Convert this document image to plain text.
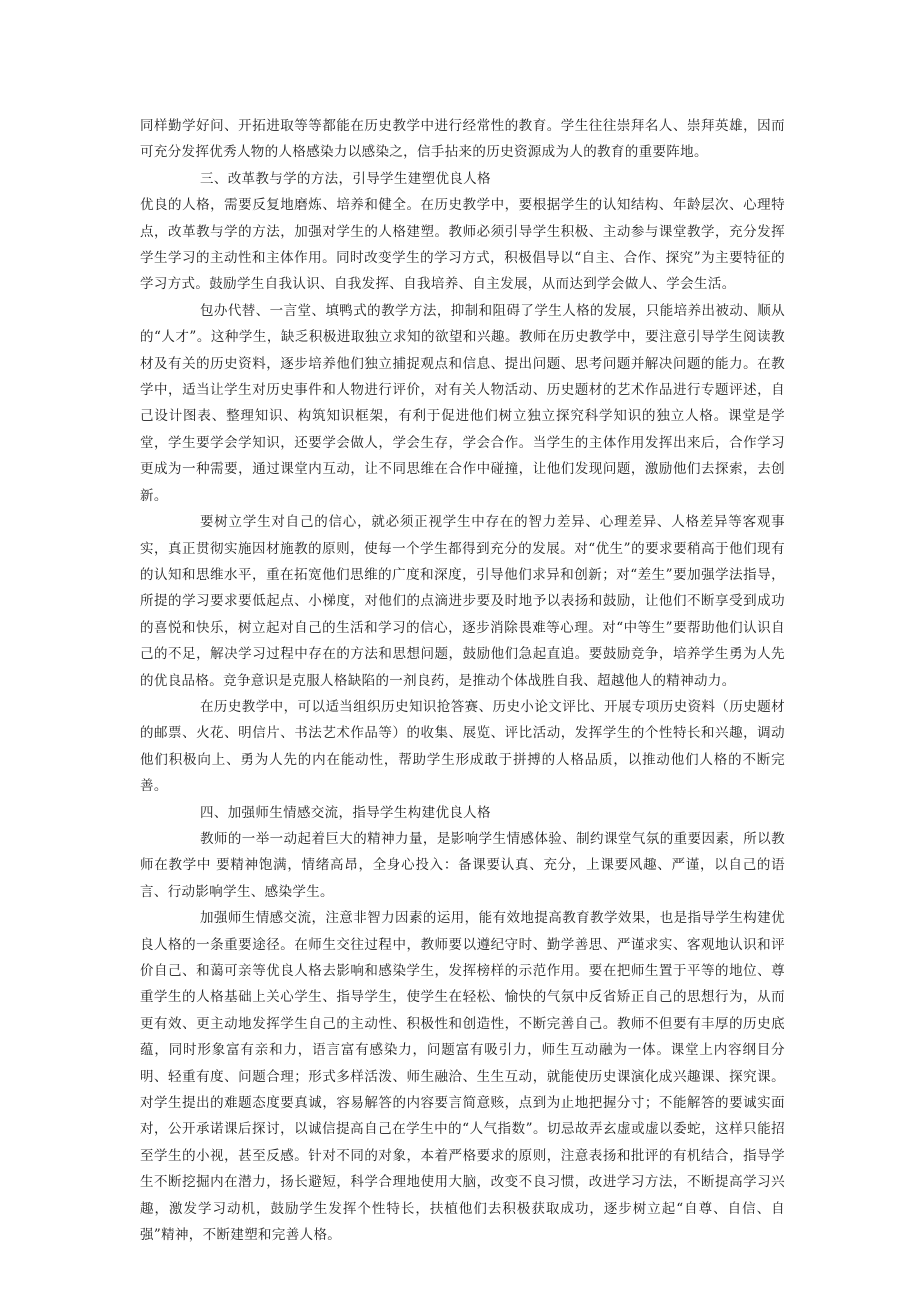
同样勤学好问、开拓进取等等都能在历史教学中进行经常性的教育。学生往往崇拜名人、崇拜英雄，因而可充分发挥优秀人物的人格感染力以感染之，信手拈来的历史资源成为人的教育的重要阵地。

三、改革教与学的方法，引导学生建塑优良人格

优良的人格，需要反复地磨炼、培养和健全。在历史教学中，要根据学生的认知结构、年龄层次、心理特点，改革教与学的方法，加强对学生的人格建塑。教师必须引导学生积极、主动参与课堂教学，充分发挥学生学习的主动性和主体作用。同时改变学生的学习方式，积极倡导以“自主、合作、探究”为主要特征的学习方式。鼓励学生自我认识、自我发挥、自我培养、自主发展，从而达到学会做人、学会生活。

包办代替、一言堂、填鸭式的教学方法，抑制和阻碍了学生人格的发展，只能培养出被动、顺从的“人才”。这种学生，缺乏积极进取独立求知的欲望和兴趣。教师在历史教学中，要注意引导学生阅读教材及有关的历史资料，逐步培养他们独立捕捉观点和信息、提出问题、思考问题并解决问题的能力。在教学中，适当让学生对历史事件和人物进行评价，对有关人物活动、历史题材的艺术作品进行专题评述，自己设计图表、整理知识、构筑知识框架，有利于促进他们树立独立探究科学知识的独立人格。课堂是学堂，学生要学会学知识，还要学会做人，学会生存，学会合作。当学生的主体作用发挥出来后，合作学习更成为一种需要，通过课堂内互动，让不同思维在合作中碰撞，让他们发现问题，激励他们去探索，去创新。

要树立学生对自己的信心，就必须正视学生中存在的智力差异、心理差异、人格差异等客观事实，真正贯彻实施因材施教的原则，使每一个学生都得到充分的发展。对“优生”的要求要稍高于他们现有的认知和思维水平，重在拓宽他们思维的广度和深度，引导他们求异和创新；对“差生”要加强学法指导，所提的学习要求要低起点、小梯度，对他们的点滴进步要及时地予以表扬和鼓励，让他们不断享受到成功的喜悦和快乐，树立起对自己的生活和学习的信心，逐步消除畏难等心理。对“中等生”要帮助他们认识自己的不足，解决学习过程中存在的方法和思想问题，鼓励他们急起直追。要鼓励竞争，培养学生勇为人先的优良品格。竞争意识是克服人格缺陷的一剂良药，是推动个体战胜自我、超越他人的精神动力。

在历史教学中，可以适当组织历史知识抢答赛、历史小论文评比、开展专项历史资料（历史题材的邮票、火花、明信片、书法艺术作品等）的收集、展览、评比活动，发挥学生的个性特长和兴趣，调动他们积极向上、勇为人先的内在能动性，帮助学生形成敢于拼搏的人格品质，以推动他们人格的不断完善。

四、加强师生情感交流，指导学生构建优良人格

教师的一举一动起着巨大的精神力量，是影响学生情感体验、制约课堂气氛的重要因素，所以教师在教学中 要精神饱满，情绪高昂，全身心投入：备课要认真、充分，上课要风趣、严谨，以自己的语言、行动影响学生、感染学生。

加强师生情感交流，注意非智力因素的运用，能有效地提高教育教学效果，也是指导学生构建优良人格的一条重要途径。在师生交往过程中，教师要以遵纪守时、勤学善思、严谨求实、客观地认识和评价自己、和蔼可亲等优良人格去影响和感染学生，发挥榜样的示范作用。要在把师生置于平等的地位、尊重学生的人格基础上关心学生、指导学生，使学生在轻松、愉快的气氛中反省矫正自己的思想行为，从而更有效、更主动地发挥学生自己的主动性、积极性和创造性，不断完善自己。教师不但要有丰厚的历史底蕴，同时形象富有亲和力，语言富有感染力，问题富有吸引力，师生互动融为一体。课堂上内容纲目分明、轻重有度、问题合理；形式多样活泼、师生融洽、生生互动，就能使历史课演化成兴趣课、探究课。对学生提出的难题态度要真诚，容易解答的内容要言简意赅，点到为止地把握分寸；不能解答的要诚实面对，公开承诺课后探讨，以诚信提高自己在学生中的“人气指数”。切忌故弄玄虚或虚以委蛇，这样只能招至学生的小视，甚至反感。针对不同的对象，本着严格要求的原则，注意表扬和批评的有机结合，指导学生不断挖掘内在潜力，扬长避短，科学合理地使用大脑，改变不良习惯，改进学习方法，不断提高学习兴趣，激发学习动机，鼓励学生发挥个性特长，扶植他们去积极获取成功，逐步树立起“自尊、自信、自强”精神，不断建塑和完善人格。
